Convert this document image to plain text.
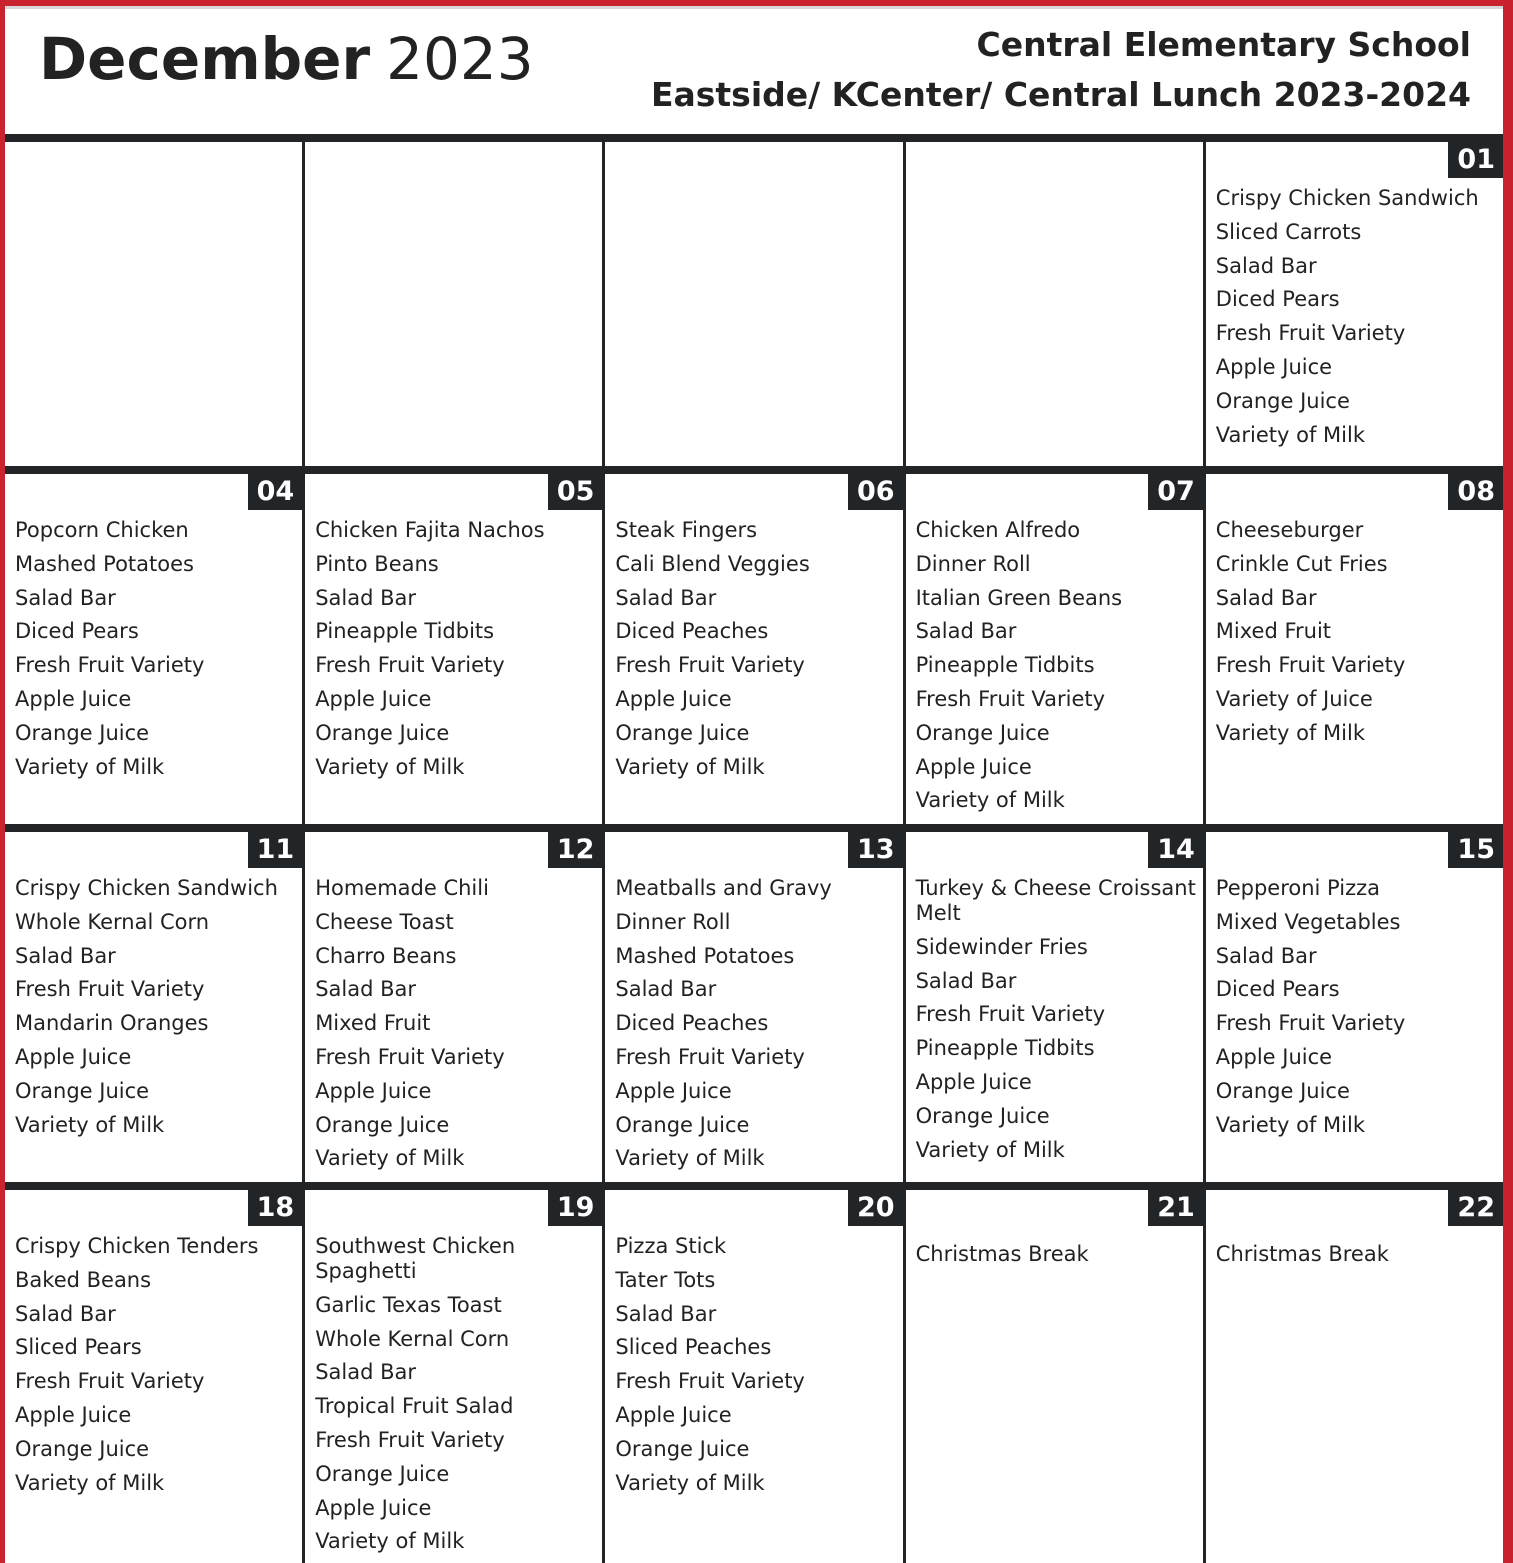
December 2023	Central Elementary School
Eastside/ KCenter/ Central Lunch 2023-2024
01
Crispy Chicken Sandwich
Sliced Carrots
Salad Bar
Diced Pears
Fresh Fruit Variety
Apple Juice
Orange Juice
Variety of Milk
04
Popcorn Chicken
Mashed Potatoes
Salad Bar
Diced Pears
Fresh Fruit Variety
Apple Juice
Orange Juice
Variety of Milk
05
Chicken Fajita Nachos
Pinto Beans
Salad Bar
Pineapple Tidbits
Fresh Fruit Variety
Apple Juice
Orange Juice
Variety of Milk
06
Steak Fingers
Cali Blend Veggies
Salad Bar
Diced Peaches
Fresh Fruit Variety
Apple Juice
Orange Juice
Variety of Milk
07
Chicken Alfredo
Dinner Roll
Italian Green Beans
Salad Bar
Pineapple Tidbits
Fresh Fruit Variety
Orange Juice
Apple Juice
Variety of Milk
08
Cheeseburger
Crinkle Cut Fries
Salad Bar
Mixed Fruit
Fresh Fruit Variety
Variety of Juice
Variety of Milk
11
Crispy Chicken Sandwich
Whole Kernal Corn
Salad Bar
Fresh Fruit Variety
Mandarin Oranges
Apple Juice
Orange Juice
Variety of Milk
12
Homemade Chili
Cheese Toast
Charro Beans
Salad Bar
Mixed Fruit
Fresh Fruit Variety
Apple Juice
Orange Juice
Variety of Milk
13
Meatballs and Gravy
Dinner Roll
Mashed Potatoes
Salad Bar
Diced Peaches
Fresh Fruit Variety
Apple Juice
Orange Juice
Variety of Milk
14
Turkey & Cheese Croissant Melt
Sidewinder Fries
Salad Bar
Fresh Fruit Variety
Pineapple Tidbits
Apple Juice
Orange Juice
Variety of Milk
15
Pepperoni Pizza
Mixed Vegetables
Salad Bar
Diced Pears
Fresh Fruit Variety
Apple Juice
Orange Juice
Variety of Milk
18
Crispy Chicken Tenders
Baked Beans
Salad Bar
Sliced Pears
Fresh Fruit Variety
Apple Juice
Orange Juice
Variety of Milk
19
Southwest Chicken Spaghetti
Garlic Texas Toast
Whole Kernal Corn
Salad Bar
Tropical Fruit Salad
Fresh Fruit Variety
Orange Juice
Apple Juice
Variety of Milk
20
Pizza Stick
Tater Tots
Salad Bar
Sliced Peaches
Fresh Fruit Variety
Apple Juice
Orange Juice
Variety of Milk
21
Christmas Break
22
Christmas Break
